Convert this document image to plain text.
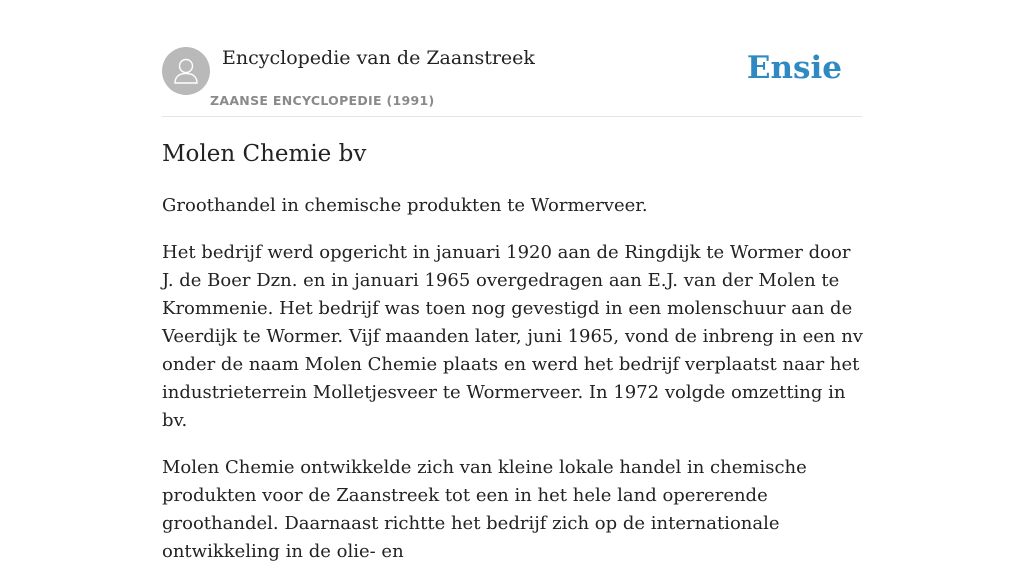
Encyclopedie van de Zaanstreek
ZAANSE ENCYCLOPEDIE (1991)
Ensie
Molen Chemie bv

Groothandel in chemische produkten te Wormerveer.

Het bedrijf werd opgericht in januari 1920 aan de Ringdijk te Wormer door J. de Boer Dzn. en in januari 1965 overgedragen aan E.J. van der Molen te Krommenie. Het bedrijf was toen nog gevestigd in een molenschuur aan de Veerdijk te Wormer. Vijf maanden later, juni 1965, vond de inbreng in een nv onder de naam Molen Chemie plaats en werd het bedrijf verplaatst naar het industrieterrein Molletjesveer te Wormerveer. In 1972 volgde omzetting in bv.

Molen Chemie ontwikkelde zich van kleine lokale handel in chemische produkten voor de Zaanstreek tot een in het hele land opererende groothandel. Daarnaast richtte het bedrijf zich op de internationale ontwikkeling in de olie- en
